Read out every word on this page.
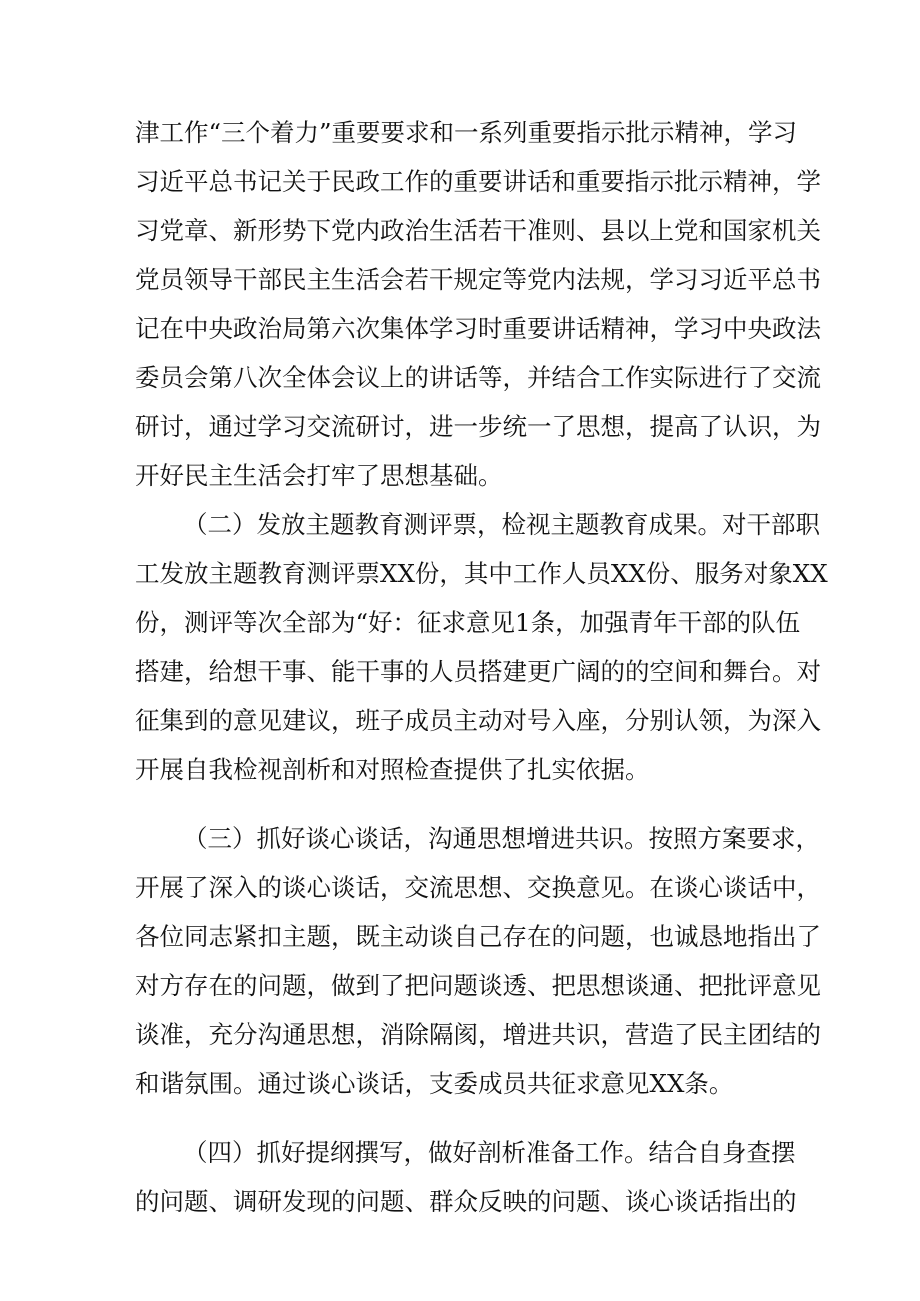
津工作“三个着力”重要要求和一系列重要指示批示精神，学习
习近平总书记关于民政工作的重要讲话和重要指示批示精神，学
习党章、新形势下党内政治生活若干准则、县以上党和国家机关
党员领导干部民主生活会若干规定等党内法规，学习习近平总书
记在中央政治局第六次集体学习时重要讲话精神，学习中央政法
委员会第八次全体会议上的讲话等，并结合工作实际进行了交流
研讨，通过学习交流研讨，进一步统一了思想，提高了认识，为
开好民主生活会打牢了思想基础。
（二）发放主题教育测评票，检视主题教育成果。对干部职
工发放主题教育测评票XX份，其中工作人员XX份、服务对象XX
份，测评等次全部为“好：征求意见1条，加强青年干部的队伍
搭建，给想干事、能干事的人员搭建更广阔的的空间和舞台。对
征集到的意见建议，班子成员主动对号入座，分别认领，为深入
开展自我检视剖析和对照检查提供了扎实依据。
（三）抓好谈心谈话，沟通思想增进共识。按照方案要求，
开展了深入的谈心谈话，交流思想、交换意见。在谈心谈话中，
各位同志紧扣主题，既主动谈自己存在的问题，也诚恳地指出了
对方存在的问题，做到了把问题谈透、把思想谈通、把批评意见
谈准，充分沟通思想，消除隔阂，增进共识，营造了民主团结的
和谐氛围。通过谈心谈话，支委成员共征求意见XX条。
（四）抓好提纲撰写，做好剖析准备工作。结合自身查摆
的问题、调研发现的问题、群众反映的问题、谈心谈话指出的
